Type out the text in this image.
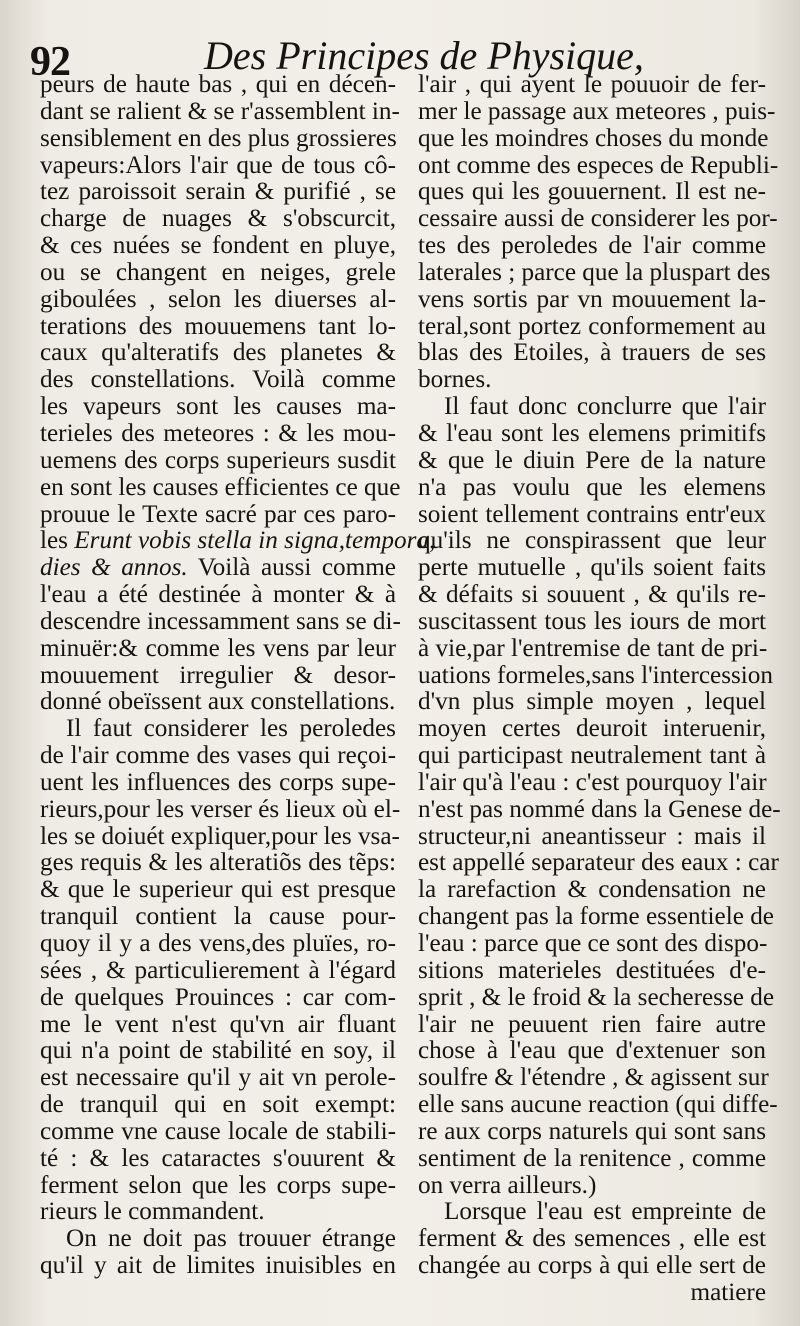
92	Des Principes de Physique,
peurs de haute bas , qui en décen-
dant se ralient & se r'assemblent in-
sensiblement en des plus grossieres
vapeurs:Alors l'air que de tous cô-
tez paroissoit serain & purifié , se
charge de nuages & s'obscurcit,
& ces nuées se fondent en pluye,
ou se changent en neiges, grele
giboulées , selon les diuerses al-
terations des mouuemens tant lo-
caux qu'alteratifs des planetes &
des constellations. Voilà comme
les vapeurs sont les causes ma-
terieles des meteores : & les mou-
uemens des corps superieurs susdit
en sont les causes efficientes ce que
prouue le Texte sacré par ces paro-
les Erunt vobis stella in signa,tempora,
dies & annos. Voilà aussi comme
l'eau a été destinée à monter & à
descendre incessamment sans se di-
minuër:& comme les vens par leur
mouuement irregulier & desor-
donné obeïssent aux constellations.
Il faut considerer les peroledes
de l'air comme des vases qui reçoi-
uent les influences des corps supe-
rieurs,pour les verser és lieux où el-
les se doiuét expliquer,pour les vsa-
ges requis & les alteratiõs des tẽps:
& que le superieur qui est presque
tranquil contient la cause pour-
quoy il y a des vens,des pluïes, ro-
sées , & particulierement à l'égard
de quelques Prouinces : car com-
me le vent n'est qu'vn air fluant
qui n'a point de stabilité en soy, il
est necessaire qu'il y ait vn perole-
de tranquil qui en soit exempt:
comme vne cause locale de stabili-
té : & les cataractes s'ouurent &
ferment selon que les corps supe-
rieurs le commandent.
On ne doit pas trouuer étrange
qu'il y ait de limites inuisibles en
l'air , qui ayent le pouuoir de fer-
mer le passage aux meteores , puis-
que les moindres choses du monde
ont comme des especes de Republi-
ques qui les gouuernent. Il est ne-
cessaire aussi de considerer les por-
tes des peroledes de l'air comme
laterales ; parce que la pluspart des
vens sortis par vn mouuement la-
teral,sont portez conformement au
blas des Etoiles, à trauers de ses
bornes.
Il faut donc conclurre que l'air
& l'eau sont les elemens primitifs
& que le diuin Pere de la nature
n'a pas voulu que les elemens
soient tellement contrains entr'eux
qu'ils ne conspirassent que leur
perte mutuelle , qu'ils soient faits
& défaits si souuent , & qu'ils re-
suscitassent tous les iours de mort
à vie,par l'entremise de tant de pri-
uations formeles,sans l'intercession
d'vn plus simple moyen , lequel
moyen certes deuroit interuenir,
qui participast neutralement tant à
l'air qu'à l'eau : c'est pourquoy l'air
n'est pas nommé dans la Genese de-
structeur,ni aneantisseur : mais il
est appellé separateur des eaux : car
la rarefaction & condensation ne
changent pas la forme essentiele de
l'eau : parce que ce sont des dispo-
sitions materieles destituées d'e-
sprit , & le froid & la secheresse de
l'air ne peuuent rien faire autre
chose à l'eau que d'extenuer son
soulfre & l'étendre , & agissent sur
elle sans aucune reaction (qui diffe-
re aux corps naturels qui sont sans
sentiment de la renitence , comme
on verra ailleurs.)
Lorsque l'eau est empreinte de
ferment & des semences , elle est
changée au corps à qui elle sert de
matiere
